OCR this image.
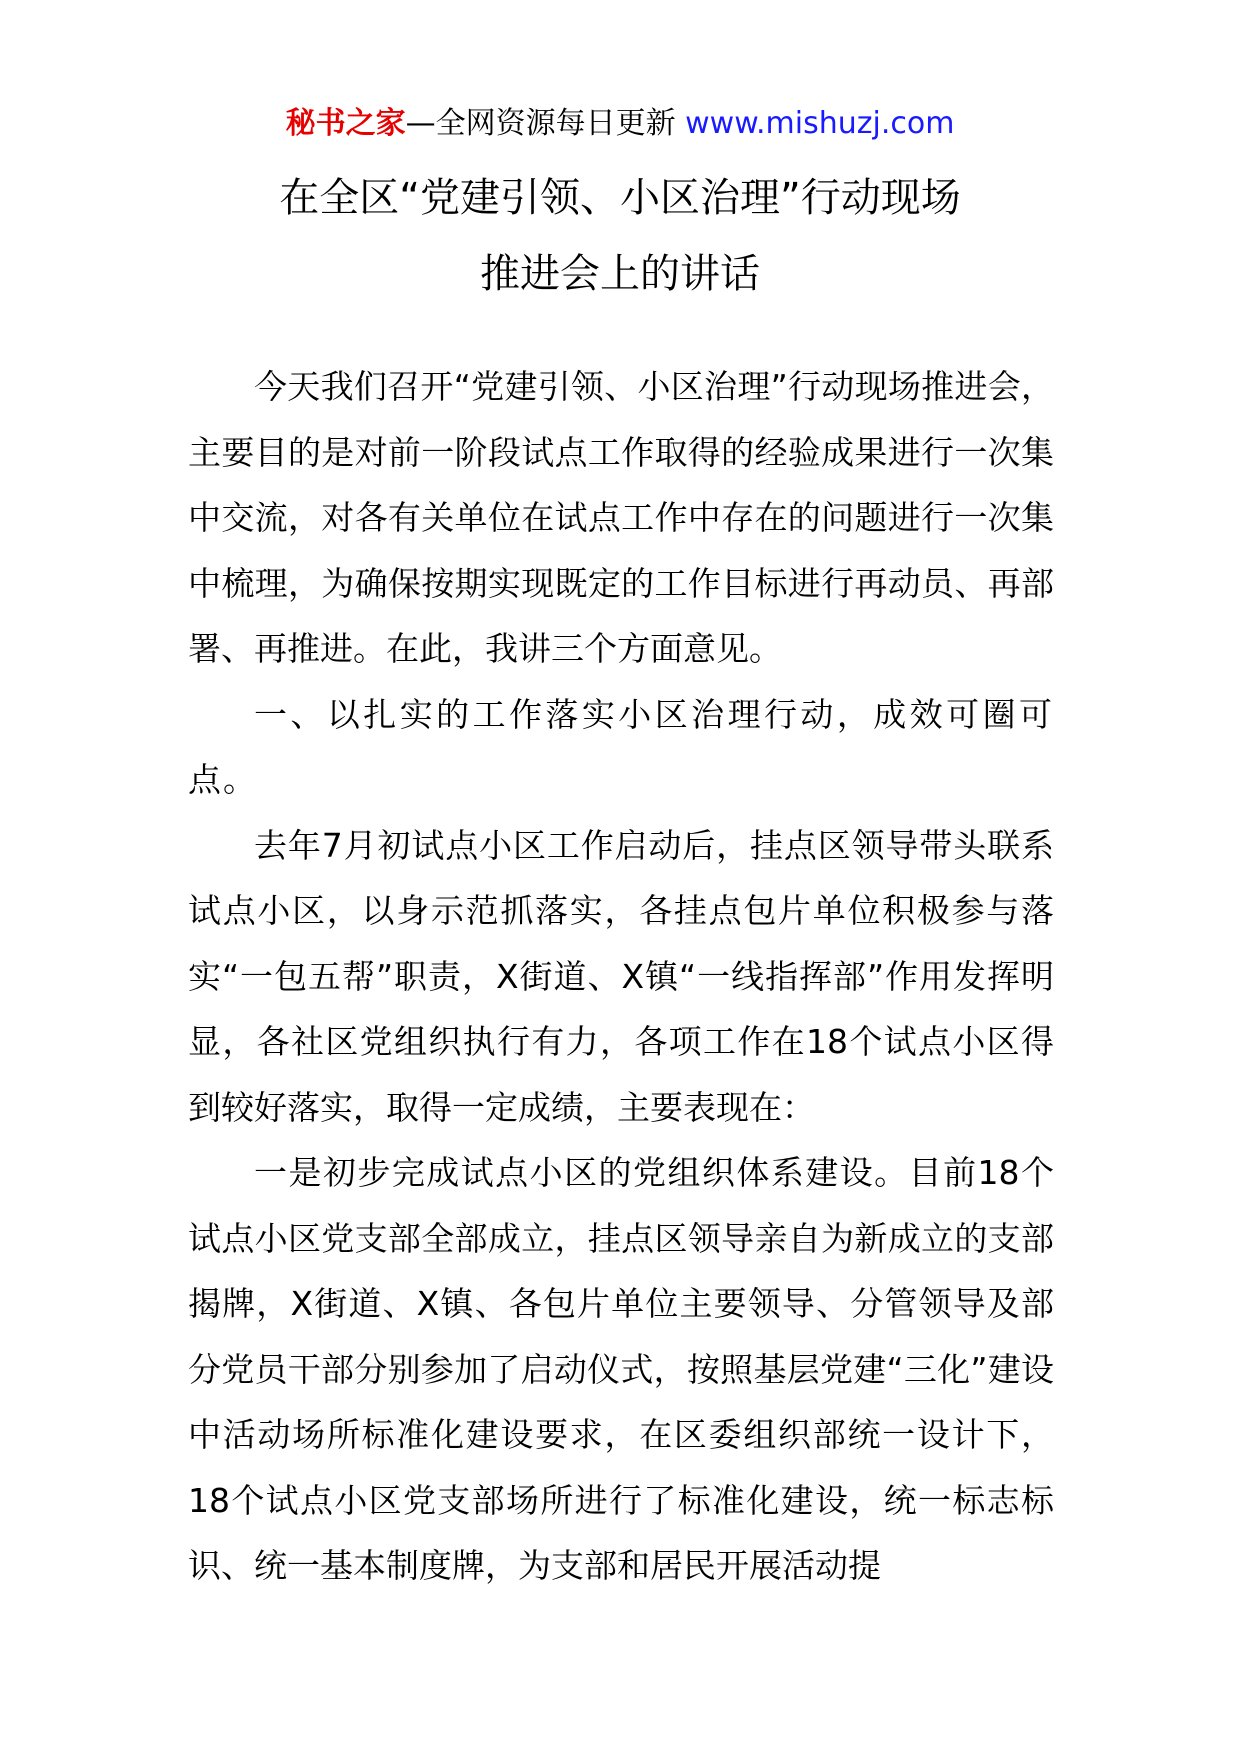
秘书之家—全网资源每日更新 www.mishuzj.com
在全区“党建引领、小区治理”行动现场
推进会上的讲话

今天我们召开“党建引领、小区治理”行动现场推进会，主要目的是对前一阶段试点工作取得的经验成果进行一次集中交流，对各有关单位在试点工作中存在的问题进行一次集中梳理，为确保按期实现既定的工作目标进行再动员、再部署、再推进。在此，我讲三个方面意见。

一、以扎实的工作落实小区治理行动，成效可圈可点。

去年7月初试点小区工作启动后，挂点区领导带头联系试点小区，以身示范抓落实，各挂点包片单位积极参与落实“一包五帮”职责，X街道、X镇“一线指挥部”作用发挥明显，各社区党组织执行有力，各项工作在18个试点小区得到较好落实，取得一定成绩，主要表现在：

一是初步完成试点小区的党组织体系建设。目前18个试点小区党支部全部成立，挂点区领导亲自为新成立的支部揭牌，X街道、X镇、各包片单位主要领导、分管领导及部分党员干部分别参加了启动仪式，按照基层党建“三化”建设中活动场所标准化建设要求，在区委组织部统一设计下，18个试点小区党支部场所进行了标准化建设，统一标志标识、统一基本制度牌，为支部和居民开展活动提
